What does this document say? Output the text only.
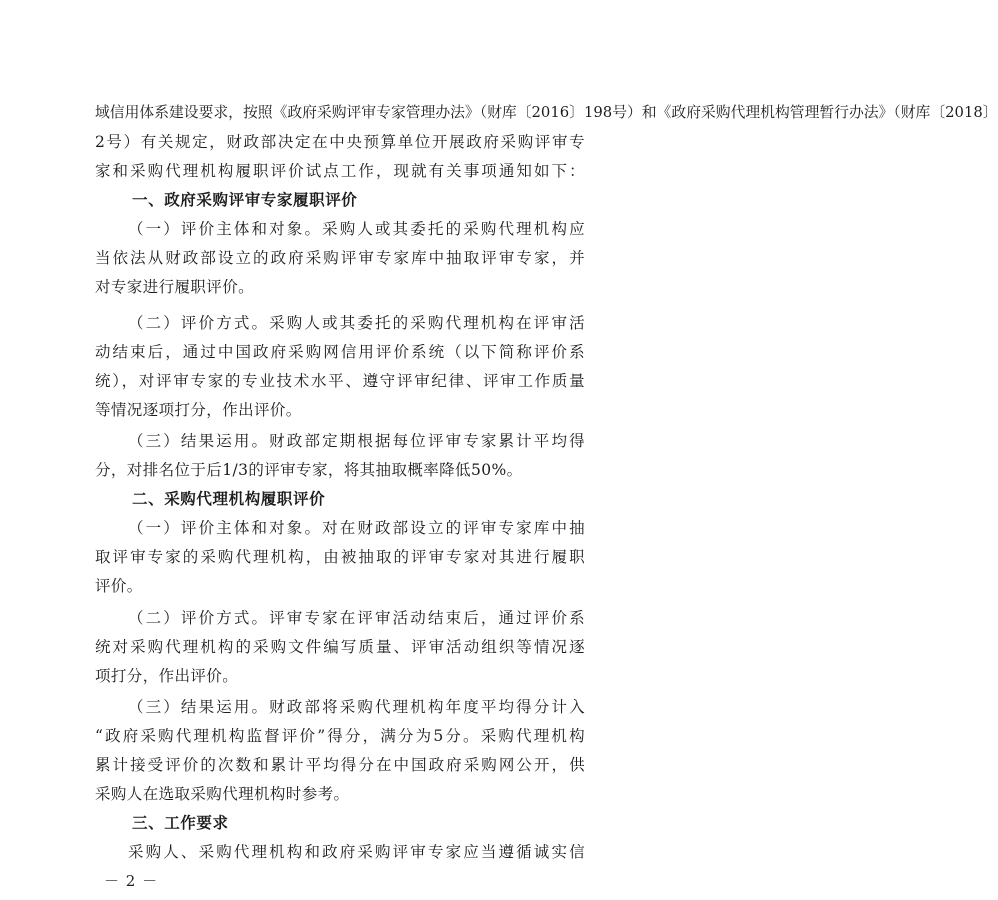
域信用体系建设要求，按照《政府采购评审专家管理办法》（财库〔2016〕198号）和《政府采购代理机构管理暂行办法》（财库〔2018〕
2号）有关规定，财政部决定在中央预算单位开展政府采购评审专
家和采购代理机构履职评价试点工作，现就有关事项通知如下：
一、政府采购评审专家履职评价
（一）评价主体和对象。采购人或其委托的采购代理机构应
当依法从财政部设立的政府采购评审专家库中抽取评审专家，并
对专家进行履职评价。
（二）评价方式。采购人或其委托的采购代理机构在评审活
动结束后，通过中国政府采购网信用评价系统（以下简称评价系
统），对评审专家的专业技术水平、遵守评审纪律、评审工作质量
等情况逐项打分，作出评价。
（三）结果运用。财政部定期根据每位评审专家累计平均得
分，对排名位于后1/3的评审专家，将其抽取概率降低50%。
二、采购代理机构履职评价
（一）评价主体和对象。对在财政部设立的评审专家库中抽
取评审专家的采购代理机构，由被抽取的评审专家对其进行履职
评价。
（二）评价方式。评审专家在评审活动结束后，通过评价系
统对采购代理机构的采购文件编写质量、评审活动组织等情况逐
项打分，作出评价。
（三）结果运用。财政部将采购代理机构年度平均得分计入
“政府采购代理机构监督评价”得分，满分为5分。采购代理机构
累计接受评价的次数和累计平均得分在中国政府采购网公开，供
采购人在选取采购代理机构时参考。
三、工作要求
采购人、采购代理机构和政府采购评审专家应当遵循诚实信
－ 2 －
